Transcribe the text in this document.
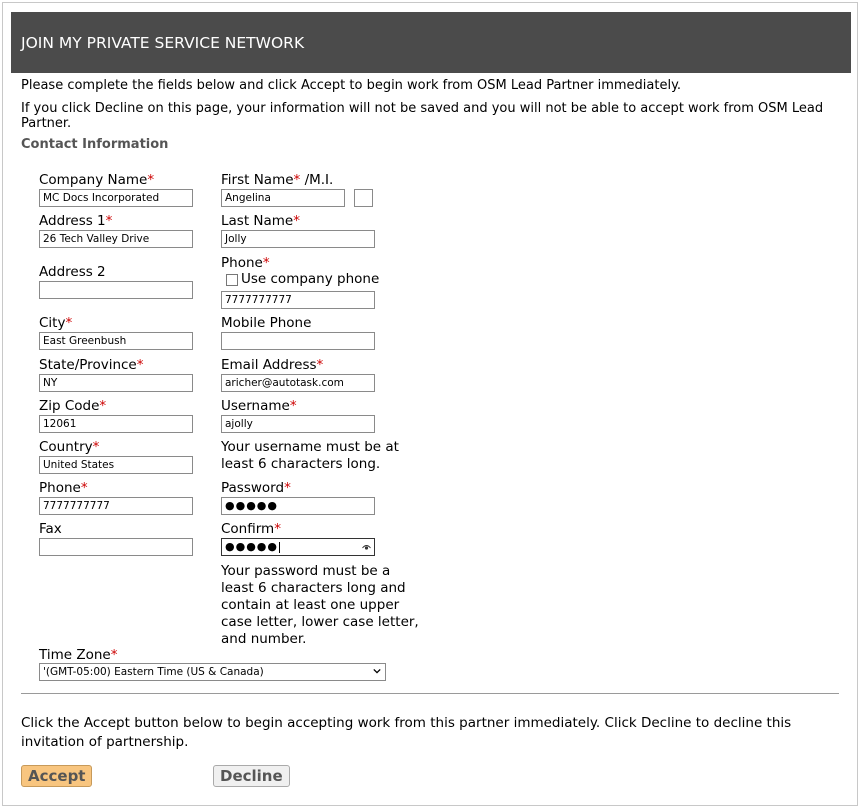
JOIN MY PRIVATE SERVICE NETWORK
Please complete the fields below and click Accept to begin work from OSM Lead Partner immediately.
If you click Decline on this page, your information will not be saved and you will not be able to accept work from OSM Lead Partner.
Contact Information
Company Name*
MC Docs Incorporated
Address 1*
26 Tech Valley Drive
Address 2
City*
East Greenbush
State/Province*
NY
Zip Code*
12061
Country*
United States
Phone*
7777777777
Fax
First Name* /M.I.
Angelina
Last Name*
Jolly
Phone*
Use company phone
7777777777
Mobile Phone
Email Address*
aricher@autotask.com
Username*
ajolly
Your username must be at
least 6 characters long.
Password*
●●●●●
Confirm*
●●●●●
Your password must be a
least 6 characters long and
contain at least one upper
case letter, lower case letter,
and number.
Time Zone*
'(GMT-05:00) Eastern Time (US & Canada)
Click the Accept button below to begin accepting work from this partner immediately. Click Decline to decline this invitation of partnership.
Accept	Decline
